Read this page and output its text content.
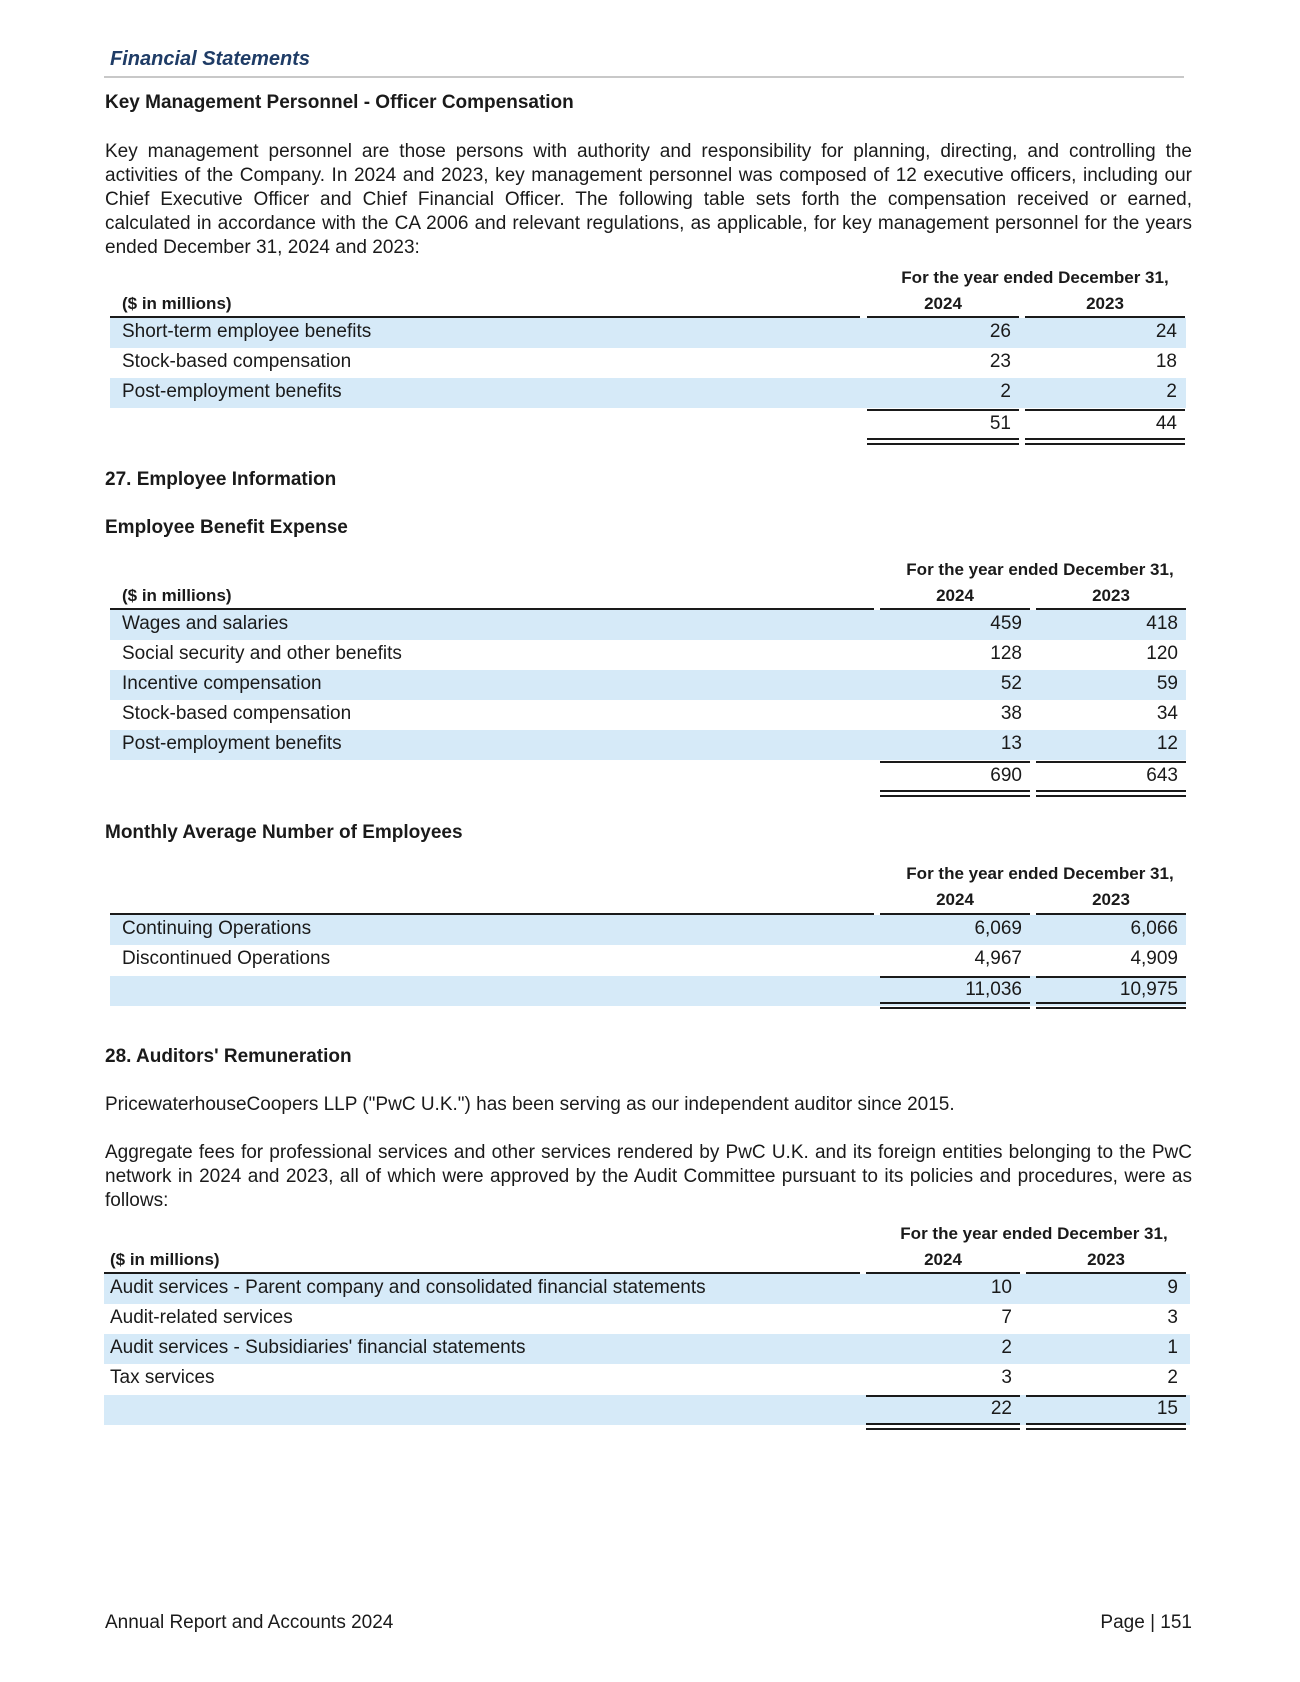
Financial Statements
Key Management Personnel - Officer Compensation
Key management personnel are those persons with authority and responsibility for planning, directing, and controlling the activities of the Company. In 2024 and 2023, key management personnel was composed of 12 executive officers, including our Chief Executive Officer and Chief Financial Officer. The following table sets forth the compensation received or earned, calculated in accordance with the CA 2006 and relevant regulations, as applicable, for key management personnel for the years ended December 31, 2024 and 2023:
For the year ended December 31,
($ in millions)	2024	2023
Short-term employee benefits	26	24
Stock-based compensation	23	18
Post-employment benefits	2	2
51	44
27. Employee Information
Employee Benefit Expense
For the year ended December 31,
($ in millions)	2024	2023
Wages and salaries	459	418
Social security and other benefits	128	120
Incentive compensation	52	59
Stock-based compensation	38	34
Post-employment benefits	13	12
690	643
Monthly Average Number of Employees
For the year ended December 31,
2024	2023
Continuing Operations	6,069	6,066
Discontinued Operations	4,967	4,909
11,036	10,975
28. Auditors' Remuneration
PricewaterhouseCoopers LLP ("PwC U.K.") has been serving as our independent auditor since 2015.
Aggregate fees for professional services and other services rendered by PwC U.K. and its foreign entities belonging to the PwC network in 2024 and 2023, all of which were approved by the Audit Committee pursuant to its policies and procedures, were as follows:
For the year ended December 31,
($ in millions)	2024	2023
Audit services - Parent company and consolidated financial statements	10	9
Audit-related services	7	3
Audit services - Subsidiaries' financial statements	2	1
Tax services	3	2
22	15
Annual Report and Accounts 2024	Page | 151
